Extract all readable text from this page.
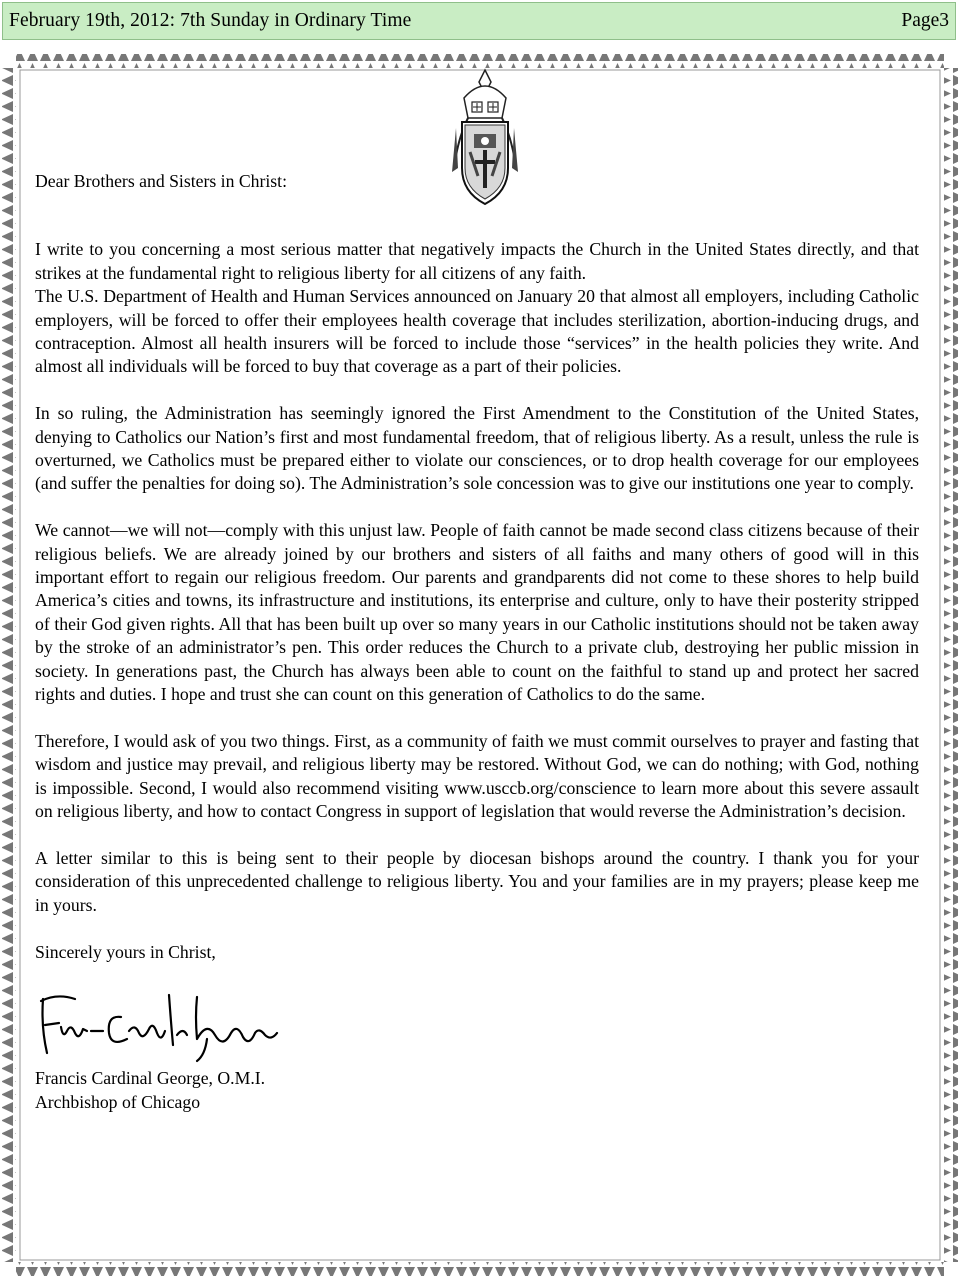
February 19th, 2012: 7th Sunday in Ordinary Time	Page3

Dear Brothers and Sisters in Christ:

I write to you concerning a most serious matter that negatively impacts the Church in the United States directly, and that strikes at the fundamental right to religious liberty for all citizens of any faith.

The U.S. Department of Health and Human Services announced on January 20 that almost all employers, including Catholic employers, will be forced to offer their employees health coverage that includes sterilization, abortion-inducing drugs, and contraception. Almost all health insurers will be forced to include those “services” in the health policies they write. And almost all individuals will be forced to buy that coverage as a part of their policies.

In so ruling, the Administration has seemingly ignored the First Amendment to the Constitution of the United States, denying to Catholics our Nation’s first and most fundamental freedom, that of religious liberty. As a result, unless the rule is overturned, we Catholics must be prepared either to violate our consciences, or to drop health coverage for our employees (and suffer the penalties for doing so). The Administration’s sole concession was to give our institutions one year to comply.

We cannot—we will not—comply with this unjust law. People of faith cannot be made second class citizens because of their religious beliefs. We are already joined by our brothers and sisters of all faiths and many others of good will in this important effort to regain our religious freedom. Our parents and grandparents did not come to these shores to help build America’s cities and towns, its infrastructure and institutions, its enterprise and culture, only to have their posterity stripped of their God given rights. All that has been built up over so many years in our Catholic institutions should not be taken away by the stroke of an administrator’s pen. This order reduces the Church to a private club, destroying her public mission in society. In generations past, the Church has always been able to count on the faithful to stand up and protect her sacred rights and duties. I hope and trust she can count on this generation of Catholics to do the same.

Therefore, I would ask of you two things. First, as a community of faith we must commit ourselves to prayer and fasting that wisdom and justice may prevail, and religious liberty may be restored. Without God, we can do nothing; with God, nothing is impossible. Second, I would also recommend visiting www.usccb.org/conscience to learn more about this severe assault on religious liberty, and how to contact Congress in support of legislation that would reverse the Administration’s decision.

A letter similar to this is being sent to their people by diocesan bishops around the country. I thank you for your consideration of this unprecedented challenge to religious liberty. You and your families are in my prayers; please keep me in yours.

Sincerely yours in Christ,

Francis Cardinal George, O.M.I.

Archbishop of Chicago
